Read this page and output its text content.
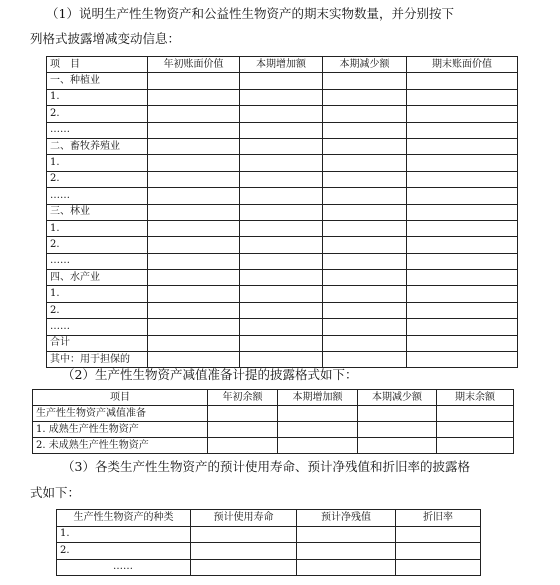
（1）说明生产性生物资产和公益性生物资产的期末实物数量，并分别按下
列格式披露增减变动信息：
项　目	年初账面价值	本期增加额	本期减少额	期末账面价值
一、种植业				
1.				
2.				
……				
二、畜牧养殖业				
1.				
2.				
……				
三、林业				
1.				
2.				
……				
四、水产业				
1.				
2.				
……				
合计				
其中：用于担保的				
（2）生产性生物资产减值准备计提的披露格式如下：
项目	年初余额	本期增加额	本期减少额	期末余额
生产性生物资产减值准备				
1. 成熟生产性生物资产				
2. 未成熟生产性生物资产				
（3）各类生产性生物资产的预计使用寿命、预计净残值和折旧率的披露格
式如下：
生产性生物资产的种类	预计使用寿命	预计净残值	折旧率
1.			
2.			
……			
